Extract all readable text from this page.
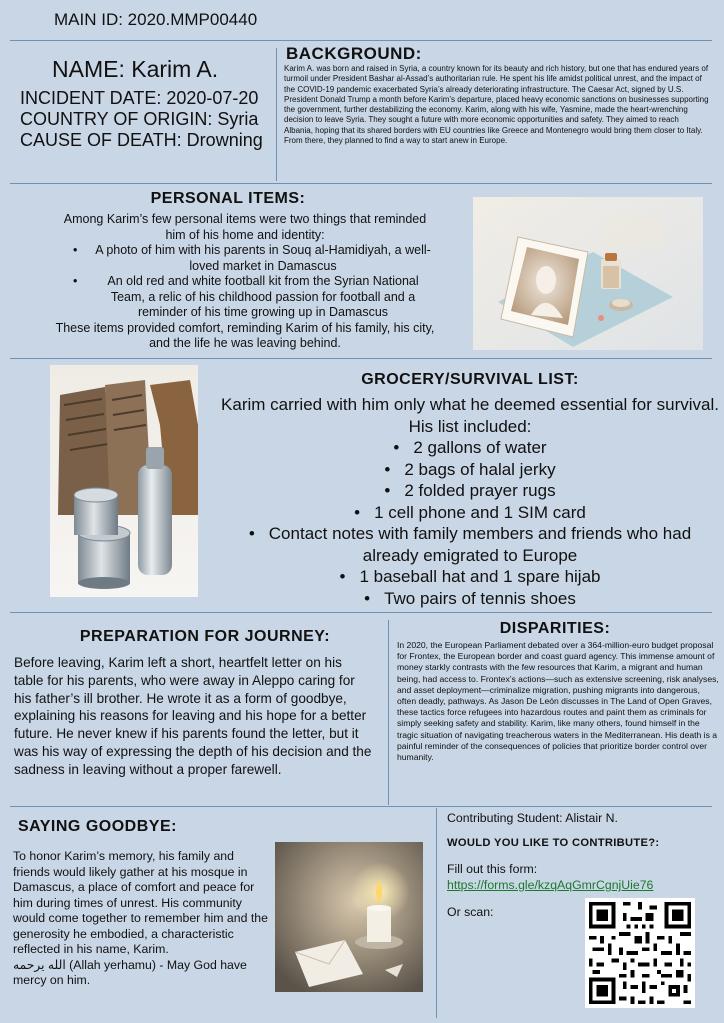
MAIN ID: 2020.MMP00440
NAME: Karim A.
INCIDENT DATE: 2020-07-20
COUNTRY OF ORIGIN: Syria
CAUSE OF DEATH: Drowning
BACKGROUND:
Karim A. was born and raised in Syria, a country known for its beauty and rich history, but one that has endured years of turmoil under President Bashar al-Assad’s authoritarian rule. He spent his life amidst political unrest, and the impact of the COVID-19 pandemic exacerbated Syria’s already deteriorating infrastructure. The Caesar Act, signed by U.S. President Donald Trump a month before Karim’s departure, placed heavy economic sanctions on businesses supporting the government, further destabilizing the economy. Karim, along with his wife, Yasmine, made the heart-wrenching decision to leave Syria. They sought a future with more economic opportunities and safety. They aimed to reach Albania, hoping that its shared borders with EU countries like Greece and Montenegro would bring them closer to Italy. From there, they planned to find a way to start anew in Europe.
PERSONAL ITEMS:
Among Karim’s few personal items were two things that reminded him of his home and identity:
• A photo of him with his parents in Souq al-Hamidiyah, a well-loved market in Damascus
• An old red and white football kit from the Syrian National Team, a relic of his childhood passion for football and a reminder of his time growing up in Damascus
These items provided comfort, reminding Karim of his family, his city, and the life he was leaving behind.
GROCERY/SURVIVAL LIST:
Karim carried with him only what he deemed essential for survival. His list included:
• 2 gallons of water
• 2 bags of halal jerky
• 2 folded prayer rugs
• 1 cell phone and 1 SIM card
• Contact notes with family members and friends who had already emigrated to Europe
• 1 baseball hat and 1 spare hijab
• Two pairs of tennis shoes
PREPARATION FOR JOURNEY:
Before leaving, Karim left a short, heartfelt letter on his table for his parents, who were away in Aleppo caring for his father’s ill brother. He wrote it as a form of goodbye, explaining his reasons for leaving and his hope for a better future. He never knew if his parents found the letter, but it was his way of expressing the depth of his decision and the sadness in leaving without a proper farewell.
DISPARITIES:
In 2020, the European Parliament debated over a 364-million-euro budget proposal for Frontex, the European border and coast guard agency. This immense amount of money starkly contrasts with the few resources that Karim, a migrant and human being, had access to. Frontex’s actions—such as extensive screening, risk analyses, and asset deployment—criminalize migration, pushing migrants into dangerous, often deadly, pathways. As Jason De León discusses in The Land of Open Graves, these tactics force refugees into hazardous routes and paint them as criminals for simply seeking safety and stability. Karim, like many others, found himself in the tragic situation of navigating treacherous waters in the Mediterranean. His death is a painful reminder of the consequences of policies that prioritize border control over humanity.
SAYING GOODBYE:
To honor Karim’s memory, his family and friends would likely gather at his mosque in Damascus, a place of comfort and peace for him during times of unrest. His community would come together to remember him and the generosity he embodied, a characteristic reflected in his name, Karim.
الله يرحمه (Allah yerhamu) - May God have mercy on him.
Contributing Student: Alistair N.
WOULD YOU LIKE TO CONTRIBUTE?:
Fill out this form:
https://forms.gle/kzqAqGmrCgnjUie76
Or scan:
